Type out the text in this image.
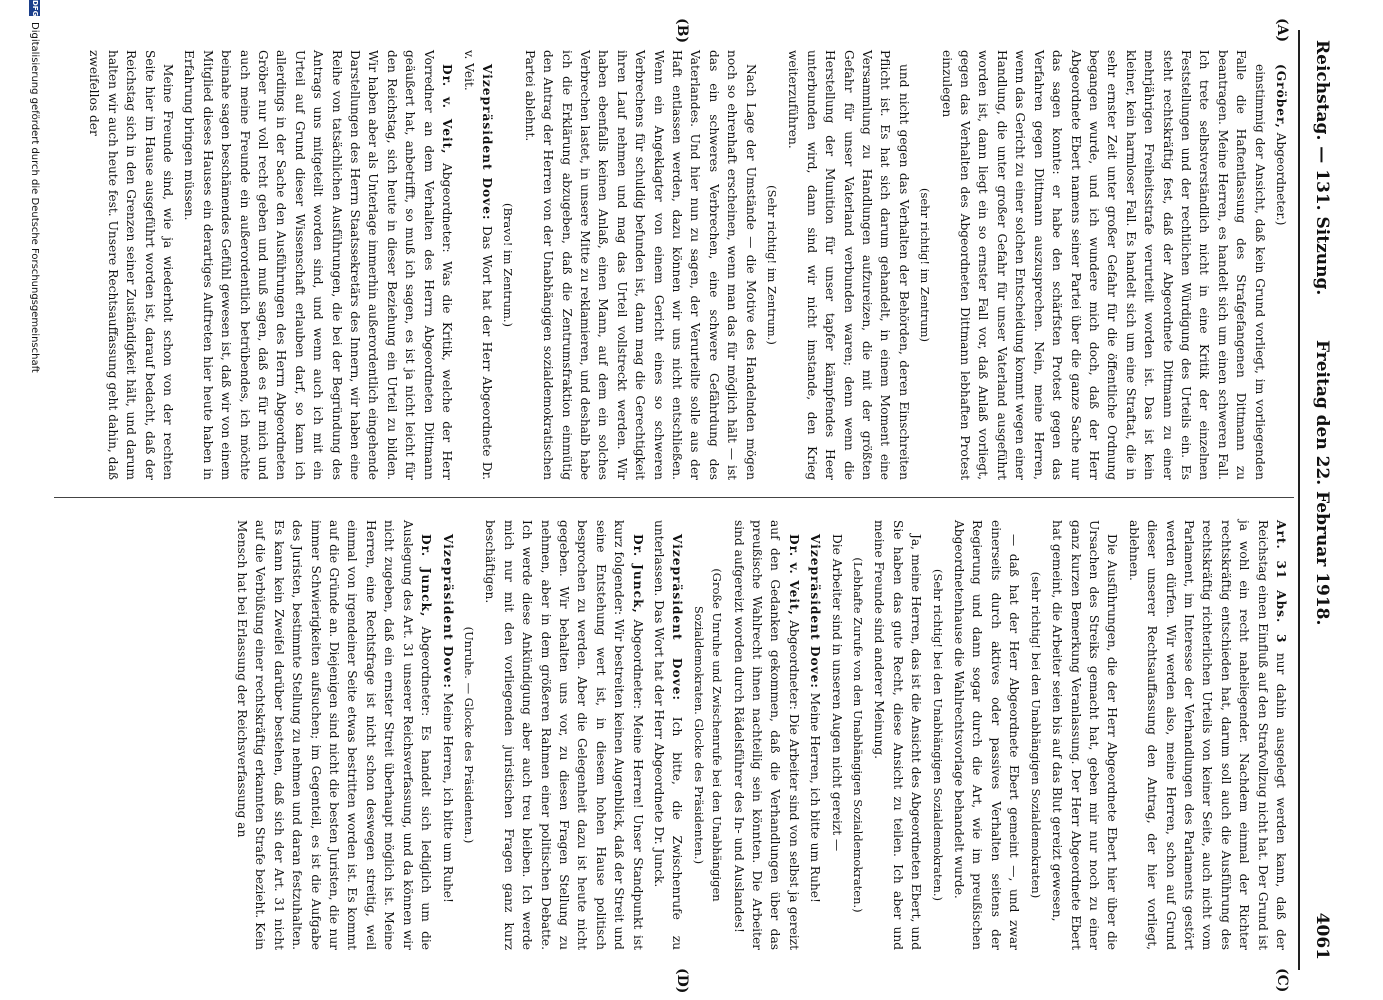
Reichstag. — 131. Sitzung.
Freitag den 22. Februar 1918.
4061
(A)
(B)
(C)
(D)

(Gröber, Abgeordneter.)

einstimmig der Ansicht, daß kein Grund vorliegt, im vorliegenden Falle die Haftentlassung des Strafgefangenen Dittmann zu beantragen. Meine Herren, es handelt sich um einen schweren Fall. Ich trete selbstverständlich nicht in eine Kritik der einzelnen Feststellungen und der rechtlichen Würdigung des Urteils ein. Es steht rechtskräftig fest, daß der Abgeordnete Dittmann zu einer mehrjährigen Freiheitsstrafe verurteilt worden ist. Das ist kein kleiner, kein harmloser Fall. Es handelt sich um eine Straftat, die in sehr ernster Zeit unter großer Gefahr für die öffentliche Ordnung begangen wurde, und ich wundere mich doch, daß der Herr Abgeordnete Ebert namens seiner Partei über die ganze Sache nur das sagen konnte: er habe den schärfsten Protest gegen das Verfahren gegen Dittmann auszusprechen. Nein, meine Herren, wenn das Gericht zu einer solchen Entscheidung kommt wegen einer Handlung, die unter großer Gefahr für unser Vaterland ausgeführt worden ist, dann liegt ein so ernster Fall vor, daß Anlaß vorliegt, gegen das Verhalten des Abgeordneten Dittmann lebhaften Protest einzulegen

(sehr richtig! im Zentrum)

und nicht gegen das Verhalten der Behörden, deren Einschreiten Pflicht ist. Es hat sich darum gehandelt, in einem Moment eine Versammlung zu Handlungen aufzureizen, die mit der größten Gefahr für unser Vaterland verbunden waren; denn wenn die Herstellung der Munition für unser tapfer kämpfendes Heer unterbunden wird, dann sind wir nicht imstande, den Krieg weiterzuführen.

(Sehr richtig! im Zentrum.)

Nach Lage der Umstände — die Motive des Handelnden mögen noch so ehrenhaft erscheinen, wenn man das für möglich hält — ist das ein schweres Verbrechen, eine schwere Gefährdung des Vaterlandes. Und hier nun zu sagen, der Verurteilte solle aus der Haft entlassen werden, dazu können wir uns nicht entschließen. Wenn ein Angeklagter von einem Gericht eines so schweren Verbrechens für schuldig befunden ist, dann mag die Gerechtigkeit ihren Lauf nehmen und mag das Urteil vollstreckt werden. Wir haben ebenfalls keinen Anlaß, einen Mann, auf dem ein solches Verbrechen lastet, in unsere Mitte zu reklamieren, und deshalb habe ich die Erklärung abzugeben, daß die Zentrumsfraktion einmütig den Antrag der Herren von der Unabhängigen sozialdemokratischen Partei ablehnt.

(Bravo! im Zentrum.)

Vizepräsident Dove: Das Wort hat der Herr Abgeordnete Dr. v. Veit.

Dr. v. Veit, Abgeordneter: Was die Kritik, welche der Herr Vorredner an dem Verhalten des Herrn Abgeordneten Dittmann geäußert hat, anbetrifft, so muß ich sagen, es ist ja nicht leicht für den Reichstag, sich heute in dieser Beziehung ein Urteil zu bilden. Wir haben aber als Unterlage immerhin außerordentlich eingehende Darstellungen des Herrn Staatssekretärs des Innern, wir haben eine Reihe von tatsächlichen Ausführungen, die bei der Begründung des Antrags uns mitgeteilt worden sind, und wenn auch ich mit ein Urteil auf Grund dieser Wissenschaft erlauben darf, so kann ich allerdings in der Sache den Ausführungen des Herrn Abgeordneten Gröber nur voll recht geben und muß sagen, daß es für mich und auch meine Freunde ein außerordentlich betrübendes, ich möchte beinahe sagen beschämendes Gefühl gewesen ist, daß wir von einem Mitglied dieses Hauses ein derartiges Auftreten hier heute haben in Erfahrung bringen müssen.

Meine Freunde sind, wie ja wiederholt schon von der rechten Seite hier im Hause ausgeführt worden ist, darauf bedacht, daß der Reichstag sich in den Grenzen seiner Zuständigkeit hält, und darum halten wir auch heute fest. Unsere Rechtsauffassung geht dahin, daß zweifellos der

Art. 31 Abs. 3 nur dahin ausgelegt werden kann, daß der Reichstag einen Einfluß auf den Strafvollzug nicht hat. Der Grund ist ja wohl ein recht naheliegender. Nachdem einmal der Richter rechtskräftig entschieden hat, darum soll auch die Ausführung des rechtskräftig richterlichen Urteils von keiner Seite, auch nicht vom Parlament, im Interesse der Verhandlungen des Parlaments gestört werden dürfen. Wir werden also, meine Herren, schon auf Grund dieser unserer Rechtsauffassung den Antrag, der hier vorliegt, ablehnen.

Die Ausführungen, die der Herr Abgeordnete Ebert hier über die Ursachen des Streiks gemacht hat, geben mir nur noch zu einer ganz kurzen Bemerkung Veranlassung. Der Herr Abgeordnete Ebert hat gemeint, die Arbeiter seien bis auf das Blut gereizt gewesen,

(sehr richtig! bei den Unabhängigen Sozialdemokraten)

— daß hat der Herr Abgeordnete Ebert gemeint —, und zwar einerseits durch aktives oder passives Verhalten seitens der Regierung und dann sogar durch die Art, wie im preußischen Abgeordnetenhause die Wahlrechtsvorlage behandelt wurde.

(Sehr richtig! bei den Unabhängigen Sozialdemokraten.)

Ja, meine Herren, das ist die Ansicht des Abgeordneten Ebert, und Sie haben das gute Recht, diese Ansicht zu teilen. Ich aber und meine Freunde sind anderer Meinung.

(Lebhafte Zurufe von den Unabhängigen Sozialdemokraten.)

Die Arbeiter sind in unseren Augen nicht gereizt —

Vizepräsident Dove: Meine Herren, ich bitte um Ruhe!

Dr. v. Veit, Abgeordneter: Die Arbeiter sind von selbst ja gereizt auf den Gedanken gekommen, daß die Verhandlungen über das preußische Wahlrecht ihnen nachteilig sein könnten. Die Arbeiter sind aufgereizt worden durch Rädelsführer des In- und Auslandes!

(Große Unruhe und Zwischenrufe bei den Unabhängigen Sozialdemokraten. Glocke des Präsidenten.)

Vizepräsident Dove: Ich bitte, die Zwischenrufe zu unterlassen. Das Wort hat der Herr Abgeordnete Dr. Junck.

Dr. Junck, Abgeordneter: Meine Herren! Unser Standpunkt ist kurz folgender: Wir bestreiten keinen Augenblick, daß der Streit und seine Entstehung wert ist, in diesem hohen Hause politisch besprochen zu werden. Aber die Gelegenheit dazu ist heute nicht gegeben. Wir behalten uns vor, zu diesen Fragen Stellung zu nehmen, aber in dem größeren Rahmen einer politischen Debatte. Ich werde diese Ankündigung aber auch treu bleiben. Ich werde mich nur mit den vorliegenden juristischen Fragen ganz kurz beschäftigen.

(Unruhe. — Glocke des Präsidenten.)

Vizepräsident Dove: Meine Herren, ich bitte um Ruhe!

Dr. Junck, Abgeordneter: Es handelt sich lediglich um die Auslegung des Art. 31 unserer Reichsverfassung, und da können wir nicht zugeben, daß ein ernster Streit überhaupt möglich ist. Meine Herren, eine Rechtsfrage ist nicht schon deswegen streitig, weil einmal von irgendeiner Seite etwas bestritten worden ist. Es kommt auf die Gründe an. Diejenigen sind nicht die besten Juristen, die nur immer Schwierigkeiten aufsuchen; im Gegenteil, es ist die Aufgabe des Juristen, bestimmte Stellung zu nehmen und daran festzuhalten. Es kann kein Zweifel darüber bestehen, daß sich der Art. 31 nicht auf die Verbüßung einer rechtskräftig erkannten Strafe bezieht. Kein Mensch hat bei Erlassung der Reichsverfassung an

DFG
Digitalisierung gefördert durch die Deutsche Forschungsgemeinschaft
